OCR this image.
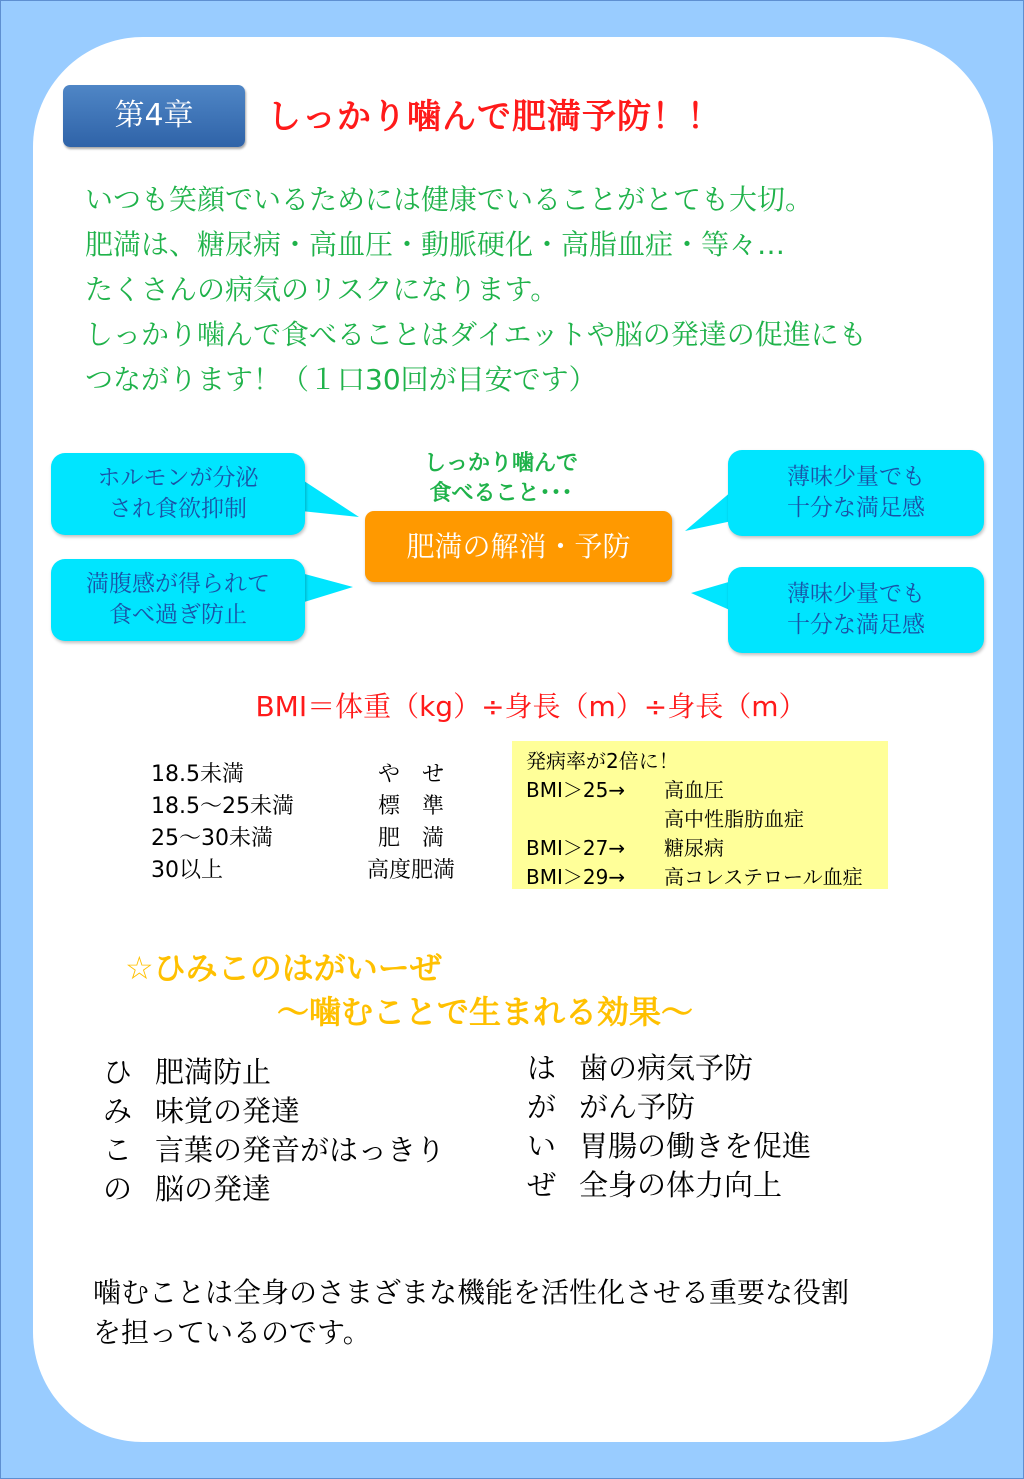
第4章	しっかり噛んで肥満予防！！
いつも笑顔でいるためには健康でいることがとても大切。
肥満は、糖尿病・高血圧・動脈硬化・高脂血症・等々…
たくさんの病気のリスクになります。
しっかり噛んで食べることはダイエットや脳の発達の促進にも
つながります！（１口30回が目安です）
しっかり噛んで
食べること･･･
ホルモンが分泌
され食欲抑制
満腹感が得られて
食べ過ぎ防止
薄味少量でも
十分な満足感
薄味少量でも
十分な満足感
肥満の解消・予防
BMI＝体重（kg）÷身長（m）÷身長（m）
18.5未満	や　せ
18.5～25未満	標　準
25～30未満	肥　満
30以上	高度肥満
発病率が2倍に！
BMI＞25→	高血圧
高中性脂肪血症
BMI＞27→	糖尿病
BMI＞29→	高コレステロール血症
☆ひみこのはがいーぜ
～噛むことで生まれる効果～
ひ 肥満防止
み 味覚の発達
こ 言葉の発音がはっきり
の 脳の発達
は 歯の病気予防
が がん予防
い 胃腸の働きを促進
ぜ 全身の体力向上
噛むことは全身のさまざまな機能を活性化させる重要な役割
を担っているのです。
